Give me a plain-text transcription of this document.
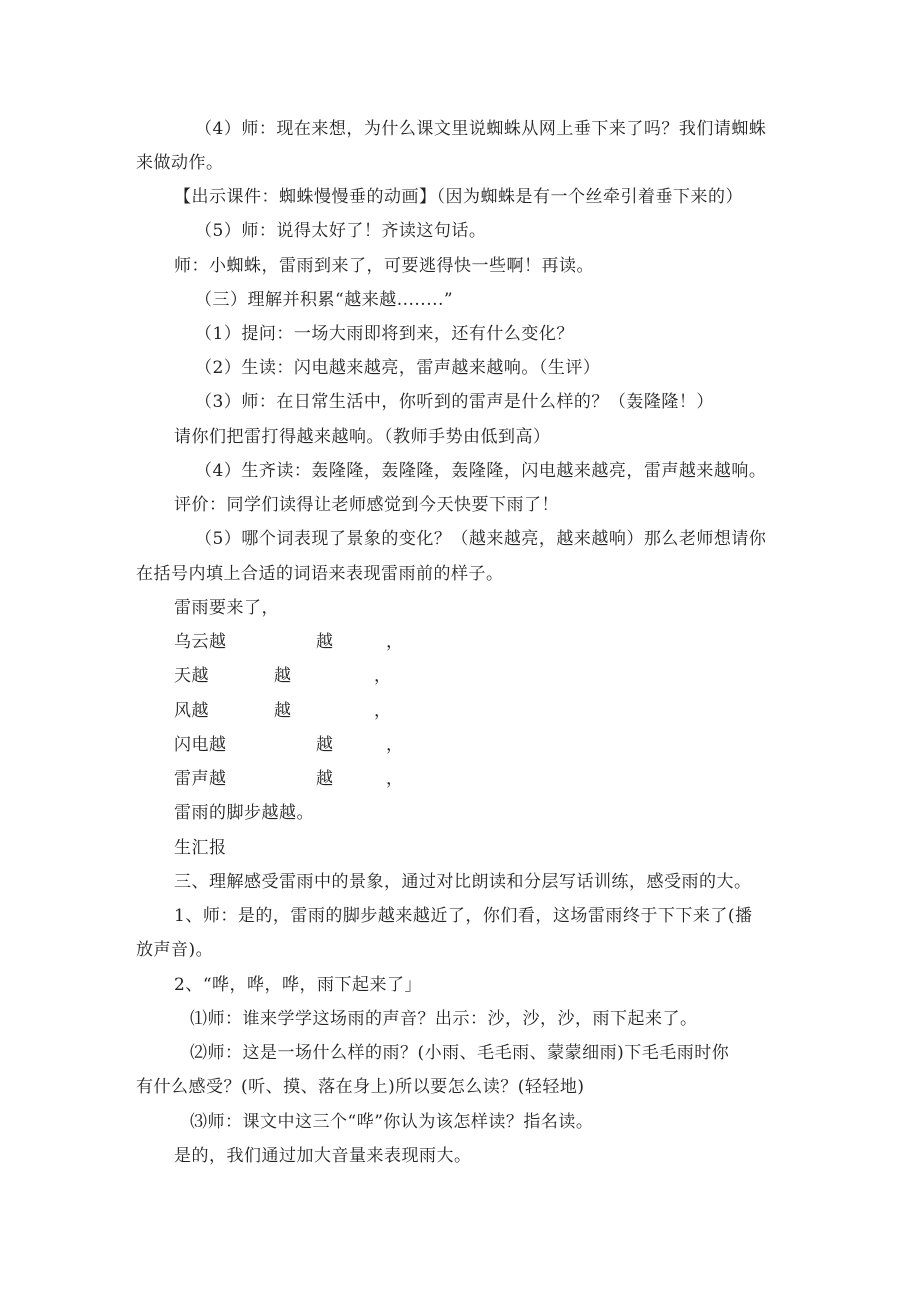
（4）师：现在来想，为什么课文里说蜘蛛从网上垂下来了吗？我们请蜘蛛
来做动作。
【出示课件：蜘蛛慢慢垂的动画】（因为蜘蛛是有一个丝牵引着垂下来的）
（5）师：说得太好了！齐读这句话。
师：小蜘蛛，雷雨到来了，可要逃得快一些啊！再读。
（三）理解并积累“越来越........”
（1）提问：一场大雨即将到来，还有什么变化？
（2）生读：闪电越来越亮，雷声越来越响。（生评）
（3）师：在日常生活中，你听到的雷声是什么样的？（轰隆隆！）
请你们把雷打得越来越响。（教师手势由低到高）
（4）生齐读：轰隆隆，轰隆隆，轰隆隆，闪电越来越亮，雷声越来越响。
评价：同学们读得让老师感觉到今天快要下雨了！
（5）哪个词表现了景象的变化？（越来越亮，越来越响）那么老师想请你
在括号内填上合适的词语来表现雷雨前的样子。
雷雨要来了，
乌云越	越	，
天越	越	，
风越	越	，
闪电越	越	，
雷声越	越	，
雷雨的脚步越越。
生汇报
三、理解感受雷雨中的景象，通过对比朗读和分层写话训练，感受雨的大。
1、师：是的，雷雨的脚步越来越近了，你们看，这场雷雨终于下下来了(播
放声音)。
2、“哗，哗，哗，雨下起来了」
⑴师：谁来学学这场雨的声音？出示：沙，沙，沙，雨下起来了。
⑵师：这是一场什么样的雨？(小雨、毛毛雨、蒙蒙细雨)下毛毛雨时你
有什么感受？(听、摸、落在身上)所以要怎么读？(轻轻地)
⑶师：课文中这三个“哗”你认为该怎样读？指名读。
是的，我们通过加大音量来表现雨大。
